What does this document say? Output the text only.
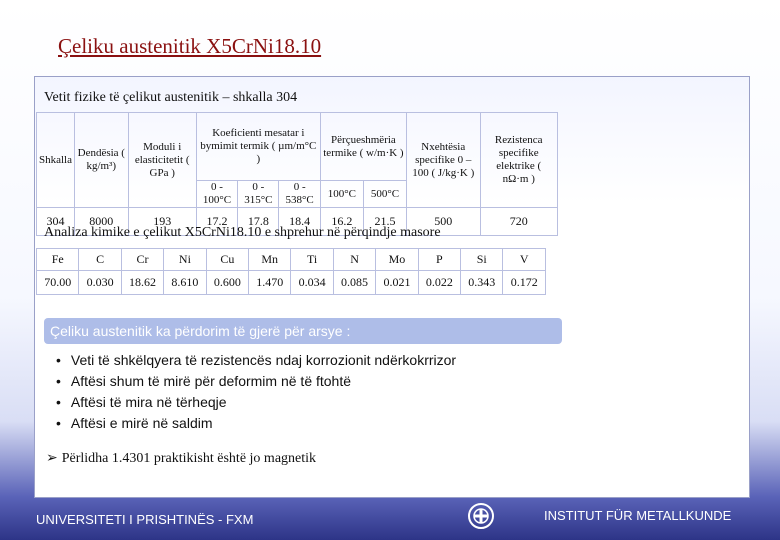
Çeliku austenitik X5CrNi18.10
Vetit fizike të çelikut austenitik – shkalla 304
Shkalla	Dendësia ( kg/m³)	Moduli i elasticitetit ( GPa )	Koeficienti mesatar i bymimit termik ( µm/m°C )			Përçueshmëria termike ( w/m·K )		Nxehtësia specifike 0 – 100 ( J/kg·K )	Rezistenca specifike elektrike ( nΩ·m )
			0 - 100°C	0 - 315°C	0 - 538°C	100°C	500°C		
304	8000	193	17.2	17.8	18.4	16.2	21.5	500	720
Analiza kimike e çelikut X5CrNi18.10 e shprehur në përqindje masore
Fe	C	Cr	Ni	Cu	Mn	Ti	N	Mo	P	Si	V
70.00	0.030	18.62	8.610	0.600	1.470	0.034	0.085	0.021	0.022	0.343	0.172
Çeliku austenitik ka përdorim të gjerë për arsye :
• Veti të shkëlqyera të rezistencës ndaj korrozionit ndërkokrrizor
• Aftësi shum të mirë për deformim në të ftohtë
• Aftësi të mira në tërheqje
• Aftësi e mirë në saldim
➢ Përlidha 1.4301 praktikisht është jo magnetik
UNIVERSITETI I PRISHTINËS - FXM	INSTITUT FÜR METALLKUNDE
